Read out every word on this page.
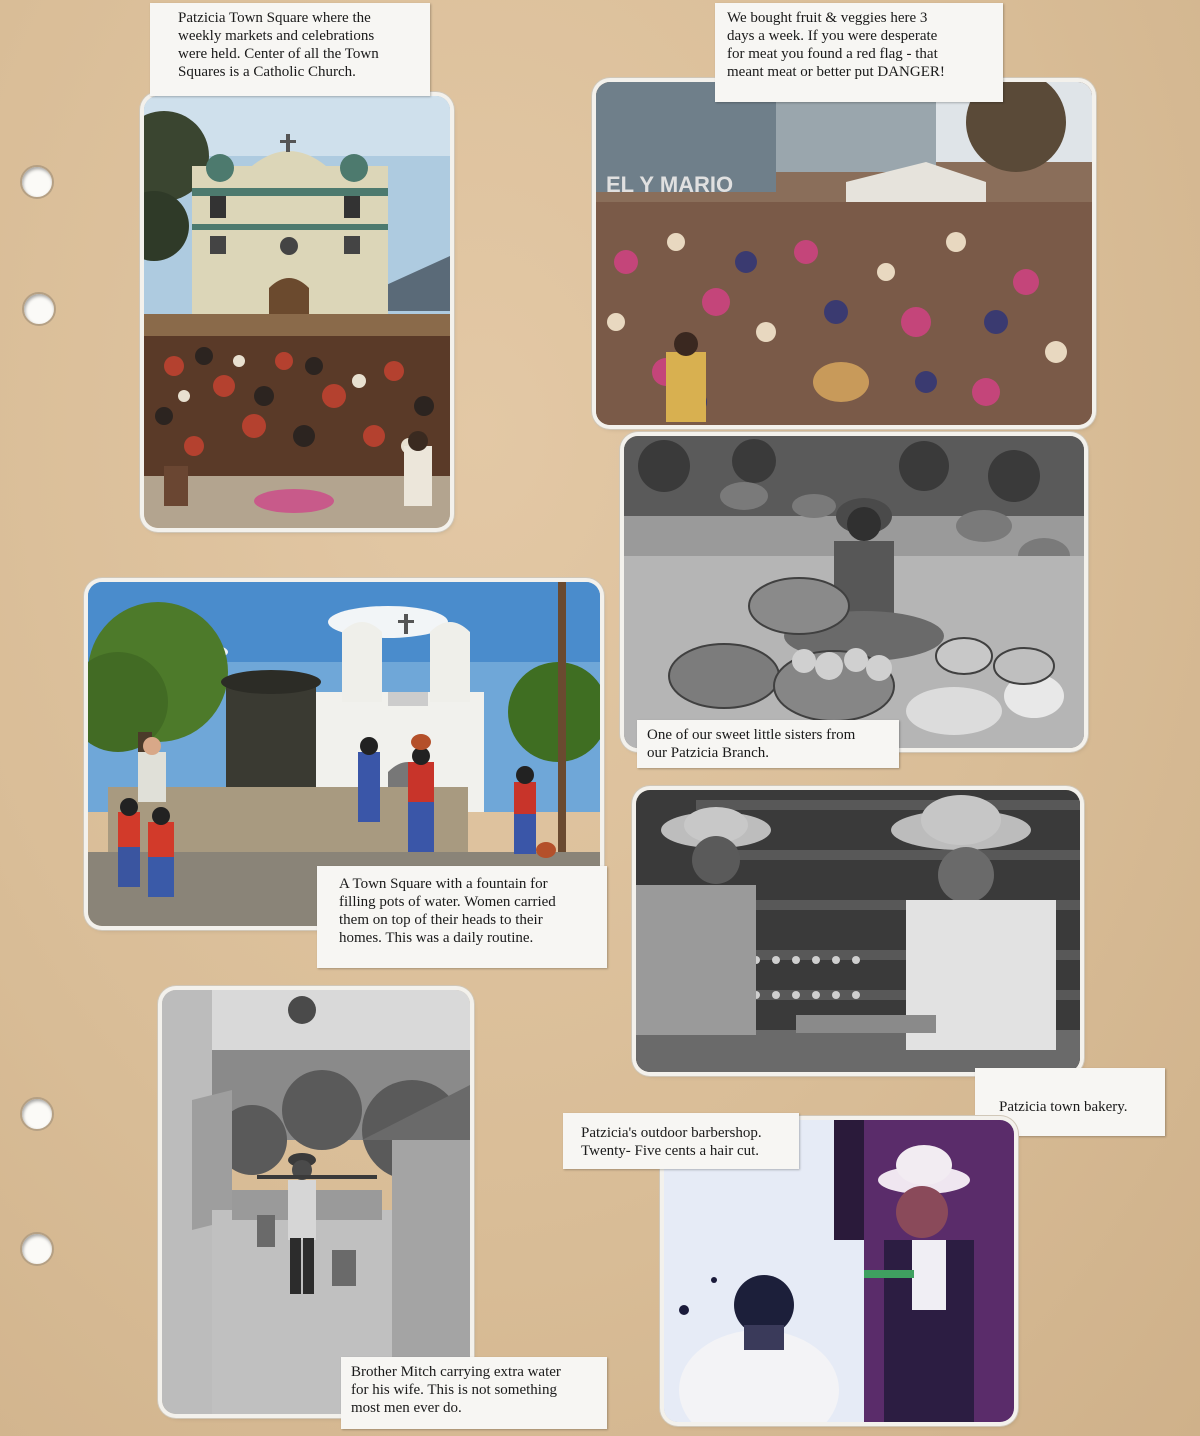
Patzicia Town Square where the
weekly markets and celebrations
were held. Center of all the Town
Squares is a Catholic Church.
EL Y MARIO
We bought fruit & veggies here 3
days a week. If you were desperate
for meat you found a red flag - that
meant meat or better put DANGER!
One of our sweet little sisters from
our Patzicia Branch.
A Town Square with a fountain for
filling pots of water. Women carried
them on top of their heads to their
homes. This was a daily routine.
Patzicia town bakery.
Brother Mitch carrying extra water
for his wife. This is not something
most men ever do.
Patzicia's outdoor barbershop.
Twenty- Five cents a hair cut.
